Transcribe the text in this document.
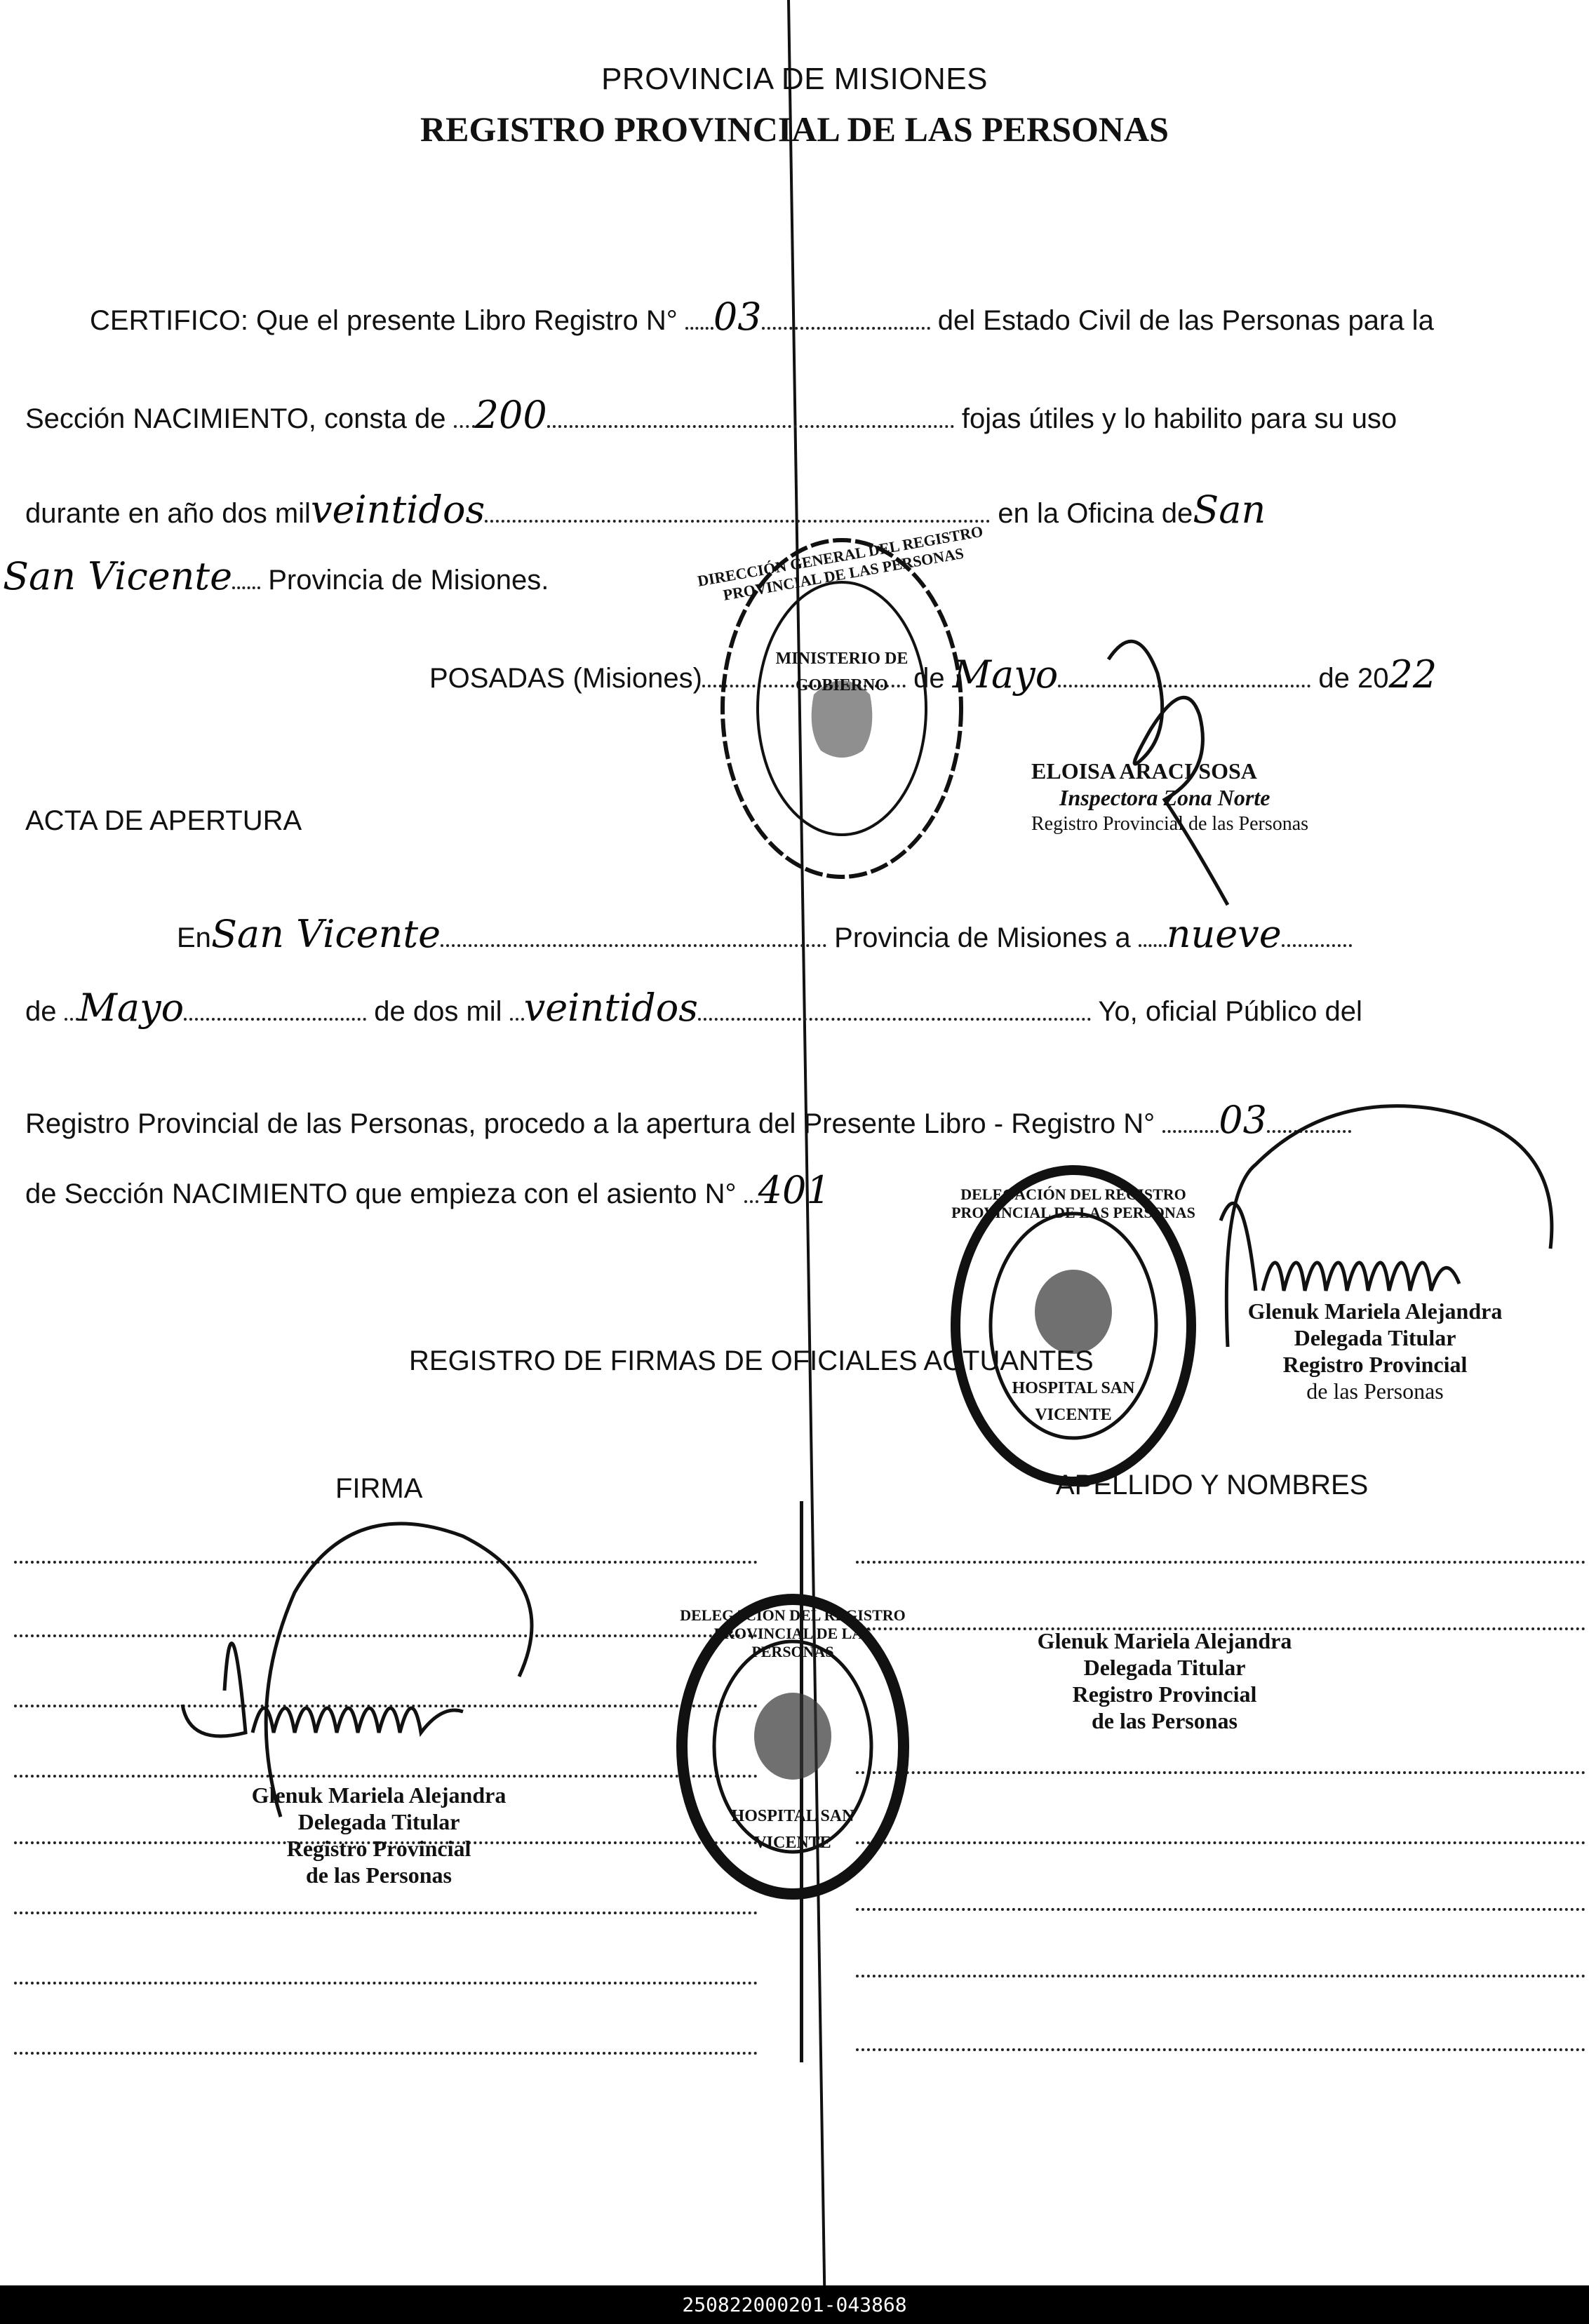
PROVINCIA DE MISIONES
REGISTRO PROVINCIAL DE LAS PERSONAS
CERTIFICO: Que el presente Libro Registro N° 03	del Estado Civil de las Personas para la
Sección NACIMIENTO, consta de 200	fojas útiles y lo habilito para su uso
durante en año dos milveintidos	en la Oficina deSan
San Vicente Provincia de Misiones.
POSADAS (Misiones)	de Mayo	de 2022
DIRECCIÓN GENERAL DEL REGISTRO PROVINCIAL DE LAS PERSONAS
MINISTERIO DE GOBIERNO
ELOISA ARACI SOSA
Inspectora Zona Norte
Registro Provincial de las Personas
ACTA DE APERTURA
EnSan Vicente	Provincia de Misiones a nueve
de Mayo	de dos mil veintidos	Yo, oficial Público del
Registro Provincial de las Personas, procedo a la apertura del Presente Libro - Registro N° 03
de Sección NACIMIENTO que empieza con el asiento N° 401	DELEGACIÓN DEL REGISTRO PROVINCIAL DE LAS PERSONAS
HOSPITAL SAN VICENTE
Glenuk Mariela Alejandra
Delegada Titular
Registro Provincial
de las Personas
REGISTRO DE FIRMAS DE OFICIALES ACTUANTES
FIRMA	APELLIDO Y NOMBRES
Glenuk Mariela Alejandra
Delegada Titular
Registro Provincial
de las Personas
DELEGACIÓN DEL REGISTRO PROVINCIAL DE LAS PERSONAS
HOSPITAL SAN VICENTE
Glenuk Mariela Alejandra
Delegada Titular
Registro Provincial
de las Personas
250822000201-043868
